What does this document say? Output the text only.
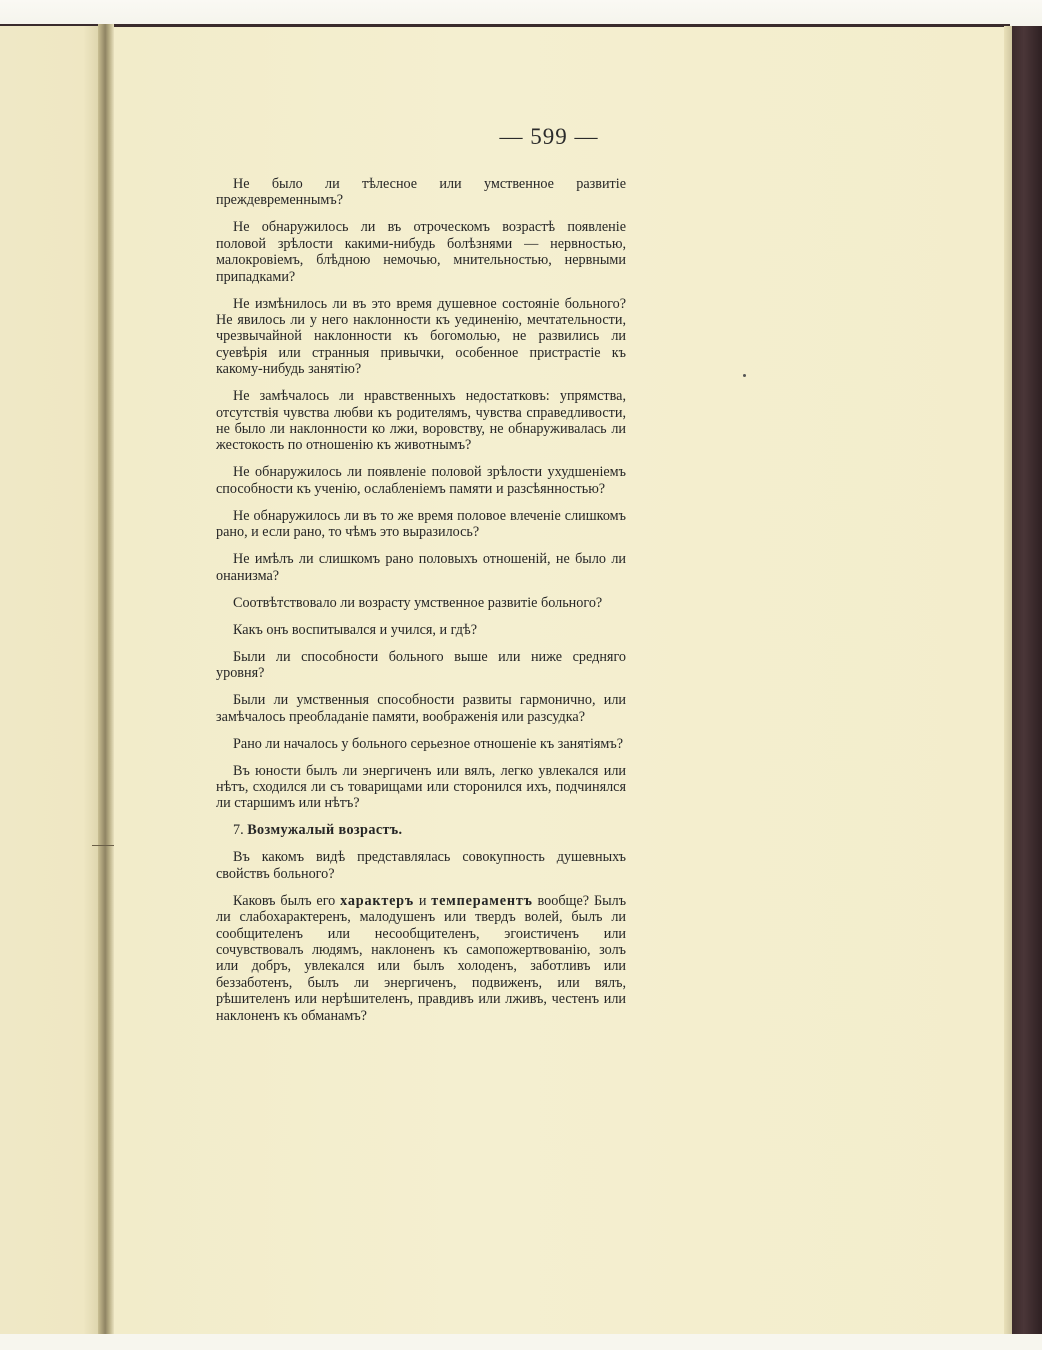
— 599 —

Не было ли тѣлесное или умственное развитіе преждевременнымъ?

Не обнаружилось ли въ отроческомъ возрастѣ появленіе половой зрѣлости какими-нибудь болѣзнями — нервностью, малокровіемъ, блѣдною немочью, мнительностью, нервными припадками?

Не измѣнилось ли въ это время душевное состояніе больного? Не явилось ли у него наклонности къ уединенію, мечтательности, чрезвычайной наклонности къ богомолью, не развились ли суевѣрія или странныя привычки, особенное пристрастіе къ какому-нибудь занятію?

Не замѣчалось ли нравственныхъ недостатковъ: упрямства, отсутствія чувства любви къ родителямъ, чувства справедливости, не было ли наклонности ко лжи, воровству, не обнаруживалась ли жестокость по отношенію къ животнымъ?

Не обнаружилось ли появленіе половой зрѣлости ухудшеніемъ способности къ ученію, ослабленіемъ памяти и разсѣянностью?

Не обнаружилось ли въ то же время половое влеченіе слишкомъ рано, и если рано, то чѣмъ это выразилось?

Не имѣлъ ли слишкомъ рано половыхъ отношеній, не было ли онанизма?

Соотвѣтствовало ли возрасту умственное развитіе больного?

Какъ онъ воспитывался и учился, и гдѣ?

Были ли способности больного выше или ниже средняго уровня?

Были ли умственныя способности развиты гармонично, или замѣчалось преобладаніе памяти, воображенія или разсудка?

Рано ли началось у больного серьезное отношеніе къ занятіямъ?

Въ юности былъ ли энергиченъ или вялъ, легко увлекался или нѣтъ, сходился ли съ товарищами или сторонился ихъ, подчинялся ли старшимъ или нѣтъ?

7. Возмужалый возрастъ.

Въ какомъ видѣ представлялась совокупность душевныхъ свойствъ больного?

Каковъ былъ его характеръ и темпераментъ вообще? Былъ ли слабохарактеренъ, малодушенъ или твердъ волей, былъ ли сообщителенъ или несообщителенъ, эгоистиченъ или сочувствовалъ людямъ, наклоненъ къ самопожертвованію, золъ или добръ, увлекался или былъ холоденъ, заботливъ или беззаботенъ, былъ ли энергиченъ, подвиженъ, или вялъ, рѣшителенъ или нерѣшителенъ, правдивъ или лживъ, честенъ или наклоненъ къ обманамъ?
